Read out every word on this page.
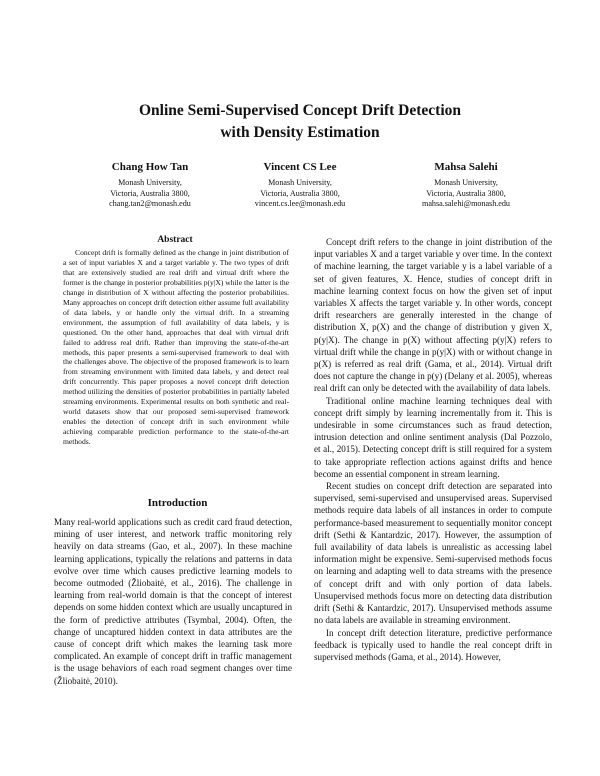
Online Semi-Supervised Concept Drift Detection
with Density Estimation
Chang How Tan
Monash University,
Victoria, Australia 3800,
chang.tan2@monash.edu
Vincent CS Lee
Monash University,
Victoria, Australia 3800,
vincent.cs.lee@monash.edu
Mahsa Salehi
Monash University,
Victoria, Australia 3800,
mahsa.salehi@monash.edu
Abstract

Concept drift is formally defined as the change in joint distribution of a set of input variables X and a target variable y. The two types of drift that are extensively studied are real drift and virtual drift where the former is the change in posterior probabilities p(y|X) while the latter is the change in distribution of X without affecting the posterior probabilities. Many approaches on concept drift detection either assume full availability of data labels, y or handle only the virtual drift. In a streaming environment, the assumption of full availability of data labels, y is questioned. On the other hand, approaches that deal with virtual drift failed to address real drift. Rather than improving the state-of-the-art methods, this paper presents a semi-supervised framework to deal with the challenges above. The objective of the proposed framework is to learn from streaming environment with limited data labels, y and detect real drift concurrently. This paper proposes a novel concept drift detection method utilizing the densities of posterior probabilities in partially labeled streaming environments. Experimental results on both synthetic and real-world datasets show that our proposed semi-supervised framework enables the detection of concept drift in such environment while achieving comparable prediction performance to the state-of-the-art methods.

Introduction

Many real-world applications such as credit card fraud detection, mining of user interest, and network traffic monitoring rely heavily on data streams (Gao, et al., 2007). In these machine learning applications, typically the relations and patterns in data evolve over time which causes predictive learning models to become outmoded (Žliobaitė, et al., 2016). The challenge in learning from real-world domain is that the concept of interest depends on some hidden context which are usually uncaptured in the form of predictive attributes (Tsymbal, 2004). Often, the change of uncaptured hidden context in data attributes are the cause of concept drift which makes the learning task more complicated. An example of concept drift in traffic management is the usage behaviors of each road segment changes over time (Žliobaitė, 2010).

Concept drift refers to the change in joint distribution of the input variables X and a target variable y over time. In the context of machine learning, the target variable y is a label variable of a set of given features, X. Hence, studies of concept drift in machine learning context focus on how the given set of input variables X affects the target variable y. In other words, concept drift researchers are generally interested in the change of distribution X, p(X) and the change of distribution y given X, p(y|X). The change in p(X) without affecting p(y|X) refers to virtual drift while the change in p(y|X) with or without change in p(X) is referred as real drift (Gama, et al., 2014). Virtual drift does not capture the change in p(y) (Delany et al. 2005), whereas real drift can only be detected with the availability of data labels.

Traditional online machine learning techniques deal with concept drift simply by learning incrementally from it. This is undesirable in some circumstances such as fraud detection, intrusion detection and online sentiment analysis (Dal Pozzolo, et al., 2015). Detecting concept drift is still required for a system to take appropriate reflection actions against drifts and hence become an essential component in stream learning.

Recent studies on concept drift detection are separated into supervised, semi-supervised and unsupervised areas. Supervised methods require data labels of all instances in order to compute performance-based measurement to sequentially monitor concept drift (Sethi & Kantardzic, 2017). However, the assumption of full availability of data labels is unrealistic as accessing label information might be expensive. Semi-supervised methods focus on learning and adapting well to data streams with the presence of concept drift and with only portion of data labels. Unsupervised methods focus more on detecting data distribution drift (Sethi & Kantardzic, 2017). Unsupervised methods assume no data labels are available in streaming environment.

In concept drift detection literature, predictive performance feedback is typically used to handle the real concept drift in supervised methods (Gama, et al., 2014). However,
